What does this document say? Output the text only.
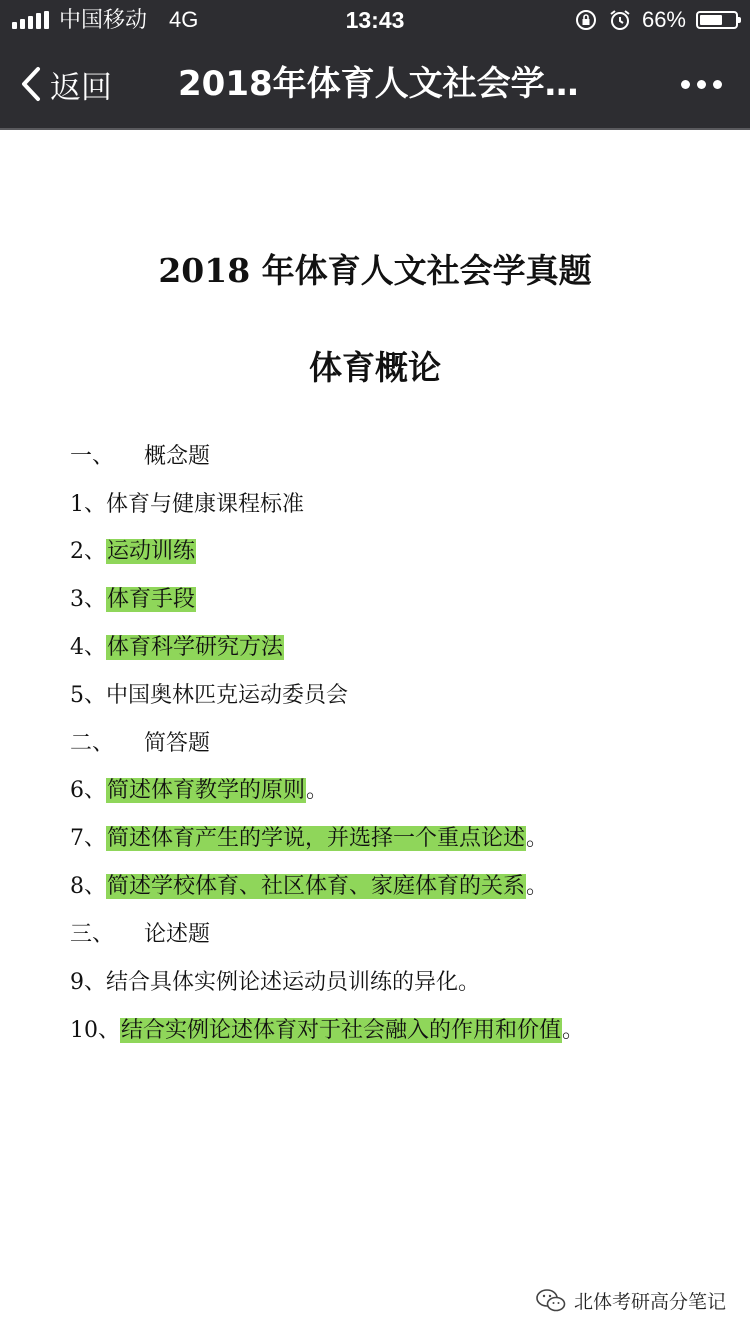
中国移动 4G	13:43	66%
返回 2018年体育人文社会学…
2018 年体育人文社会学真题
体育概论
一、 概念题
1、体育与健康课程标准
2、运动训练
3、体育手段
4、体育科学研究方法
5、中国奥林匹克运动委员会
二、 简答题
6、简述体育教学的原则。
7、简述体育产生的学说，并选择一个重点论述。
8、简述学校体育、社区体育、家庭体育的关系。
三、 论述题
9、结合具体实例论述运动员训练的异化。
10、结合实例论述体育对于社会融入的作用和价值。
北体考研高分笔记
